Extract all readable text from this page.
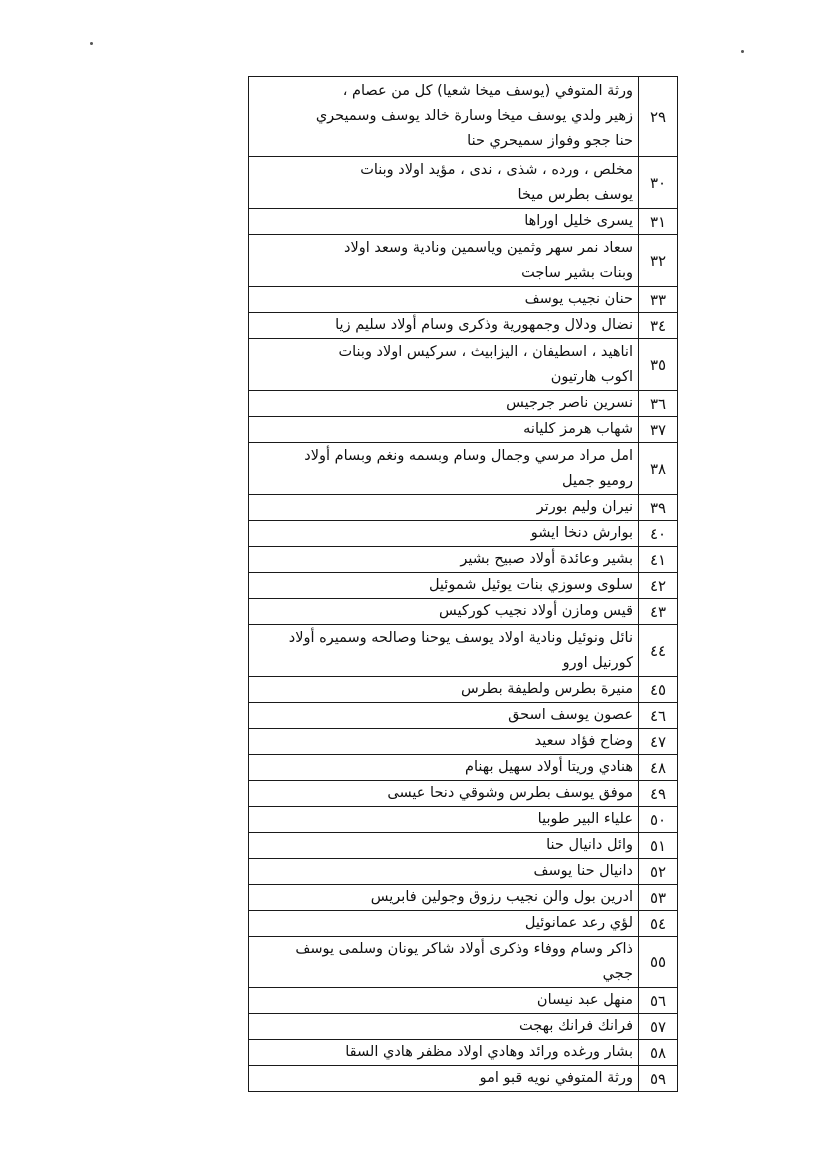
٢٩	ورثة المتوفي (يوسف ميخا شعيا) كل من عصام ،
زهير ولدي يوسف ميخا وسارة خالد يوسف وسميحري
حنا ججو وفواز سميحري حنا

٣٠	مخلص ، ورده ، شذى ، ندى ، مؤيد اولاد وبنات
يوسف بطرس ميخا

٣١	يسرى خليل اوراها

٣٢	سعاد نمر سهر وثمين وياسمين ونادية وسعد اولاد
وبنات بشير ساجت

٣٣	حنان نجيب يوسف

٣٤	نضال ودلال وجمهورية وذكرى وسام أولاد سليم زيا

٣٥	اناهيد ، اسطيفان ، اليزابيث ، سركيس اولاد وبنات
اكوب هارتيون

٣٦	نسرين ناصر جرجيس

٣٧	شهاب هرمز كليانه

٣٨	امل مراد مرسي وجمال وسام وبسمه ونغم وبسام أولاد
روميو جميل

٣٩	نيران وليم بورتر

٤٠	بوارش دنخا ايشو

٤١	بشير وعائدة أولاد صبيح بشير

٤٢	سلوى وسوزي بنات يوئيل شموئيل

٤٣	قيس ومازن أولاد نجيب كوركيس

٤٤	نائل ونوئيل ونادية اولاد يوسف يوحنا وصالحه وسميره أولاد
كورنيل اورو

٤٥	منيرة بطرس ولطيفة بطرس

٤٦	عصون يوسف اسحق

٤٧	وضاح فؤاد سعيد

٤٨	هنادي وريتا أولاد سهيل بهنام

٤٩	موفق يوسف بطرس وشوقي دنحا عيسى

٥٠	علياء البير طوبيا

٥١	وائل دانيال حنا

٥٢	دانيال حنا يوسف

٥٣	ادرين بول والن نجيب رزوق وجولين فابريس

٥٤	لؤي رعد عمانوئيل

٥٥	ذاكر وسام ووفاء وذكرى أولاد شاكر يونان وسلمى يوسف
ججي

٥٦	منهل عبد نيسان

٥٧	فرانك فرانك بهجت

٥٨	بشار ورغده ورائد وهادي اولاد مظفر هادي السقا

٥٩	ورثة المتوفي نويه قبو امو
